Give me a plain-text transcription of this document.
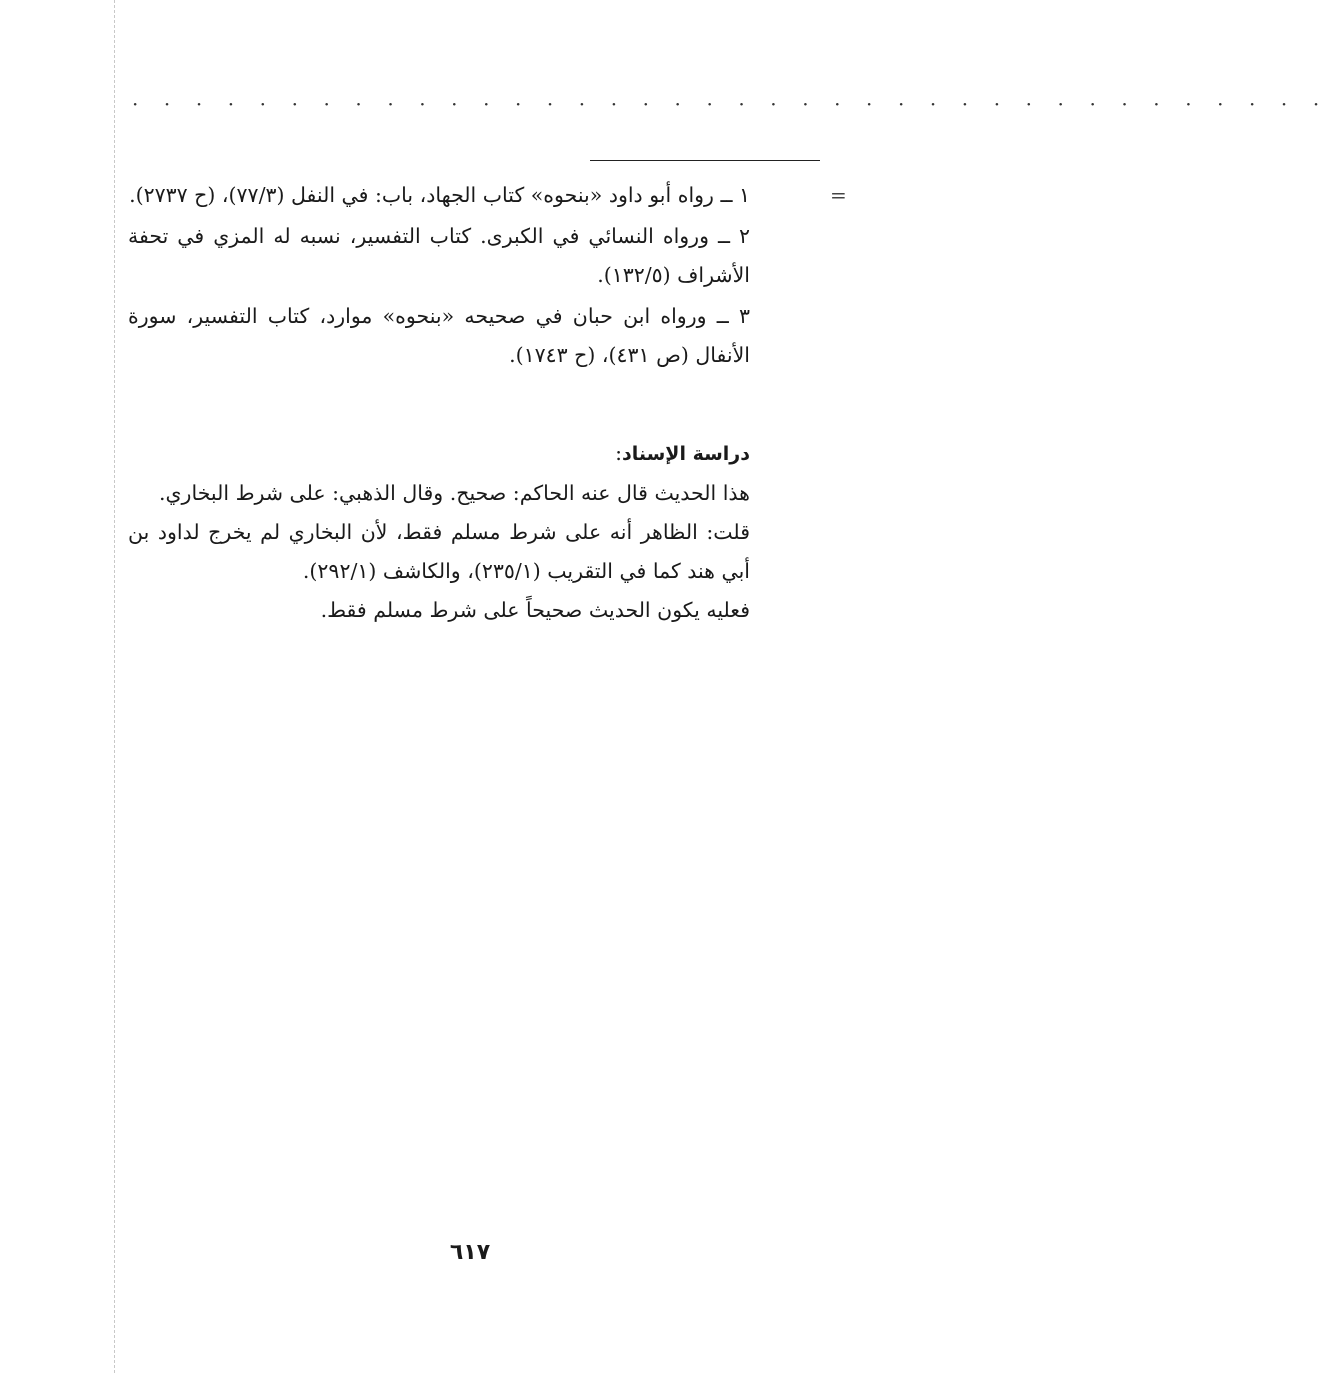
· · · · · · · · · · · · · · · · · · · · · · · · · · · · · · · · · · · · · ·
=

١ ــ رواه أبو داود «بنحوه» كتاب الجهاد، باب: في النفل (٧٧/٣)، (ح ٢٧٣٧).

٢ ــ ورواه النسائي في الكبرى. كتاب التفسير، نسبه له المزي في تحفة الأشراف (١٣٢/٥).

٣ ــ ورواه ابن حبان في صحيحه «بنحوه» موارد، كتاب التفسير، سورة الأنفال (ص ٤٣١)، (ح ١٧٤٣).

دراسة الإسناد:

هذا الحديث قال عنه الحاكم: صحيح. وقال الذهبي: على شرط البخاري.

قلت: الظاهر أنه على شرط مسلم فقط، لأن البخاري لم يخرج لداود بن أبي هند كما في التقريب (٢٣٥/١)، والكاشف (٢٩٢/١).

فعليه يكون الحديث صحيحاً على شرط مسلم فقط.

٦١٧
